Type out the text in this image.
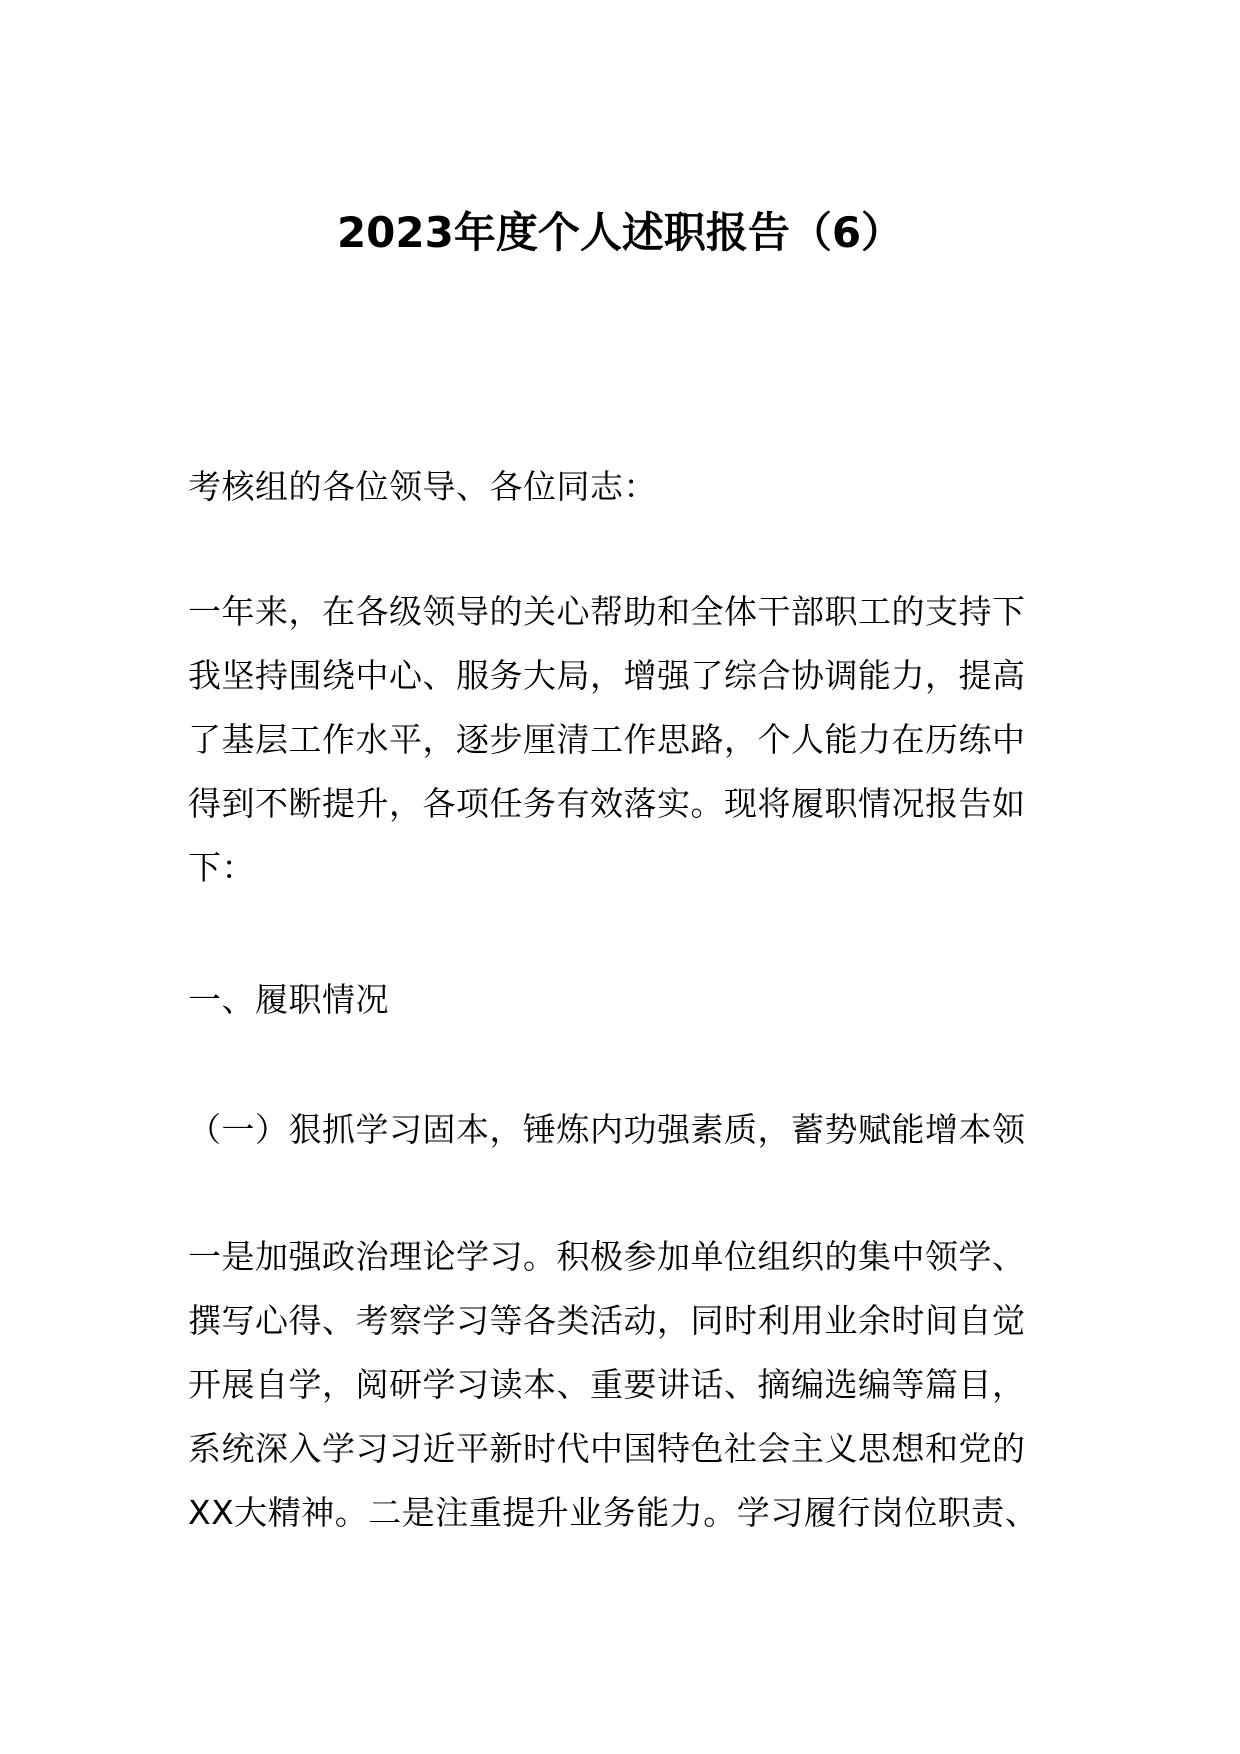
2023年度个人述职报告（6）

考核组的各位领导、各位同志：

一年来，在各级领导的关心帮助和全体干部职工的支持下
我坚持围绕中心、服务大局，增强了综合协调能力，提高
了基层工作水平，逐步厘清工作思路，个人能力在历练中
得到不断提升，各项任务有效落实。现将履职情况报告如
下：

一、履职情况

（一）狠抓学习固本，锤炼内功强素质，蓄势赋能增本领

一是加强政治理论学习。积极参加单位组织的集中领学、
撰写心得、考察学习等各类活动，同时利用业余时间自觉
开展自学，阅研学习读本、重要讲话、摘编选编等篇目，
系统深入学习习近平新时代中国特色社会主义思想和党的
XX大精神。二是注重提升业务能力。学习履行岗位职责、
